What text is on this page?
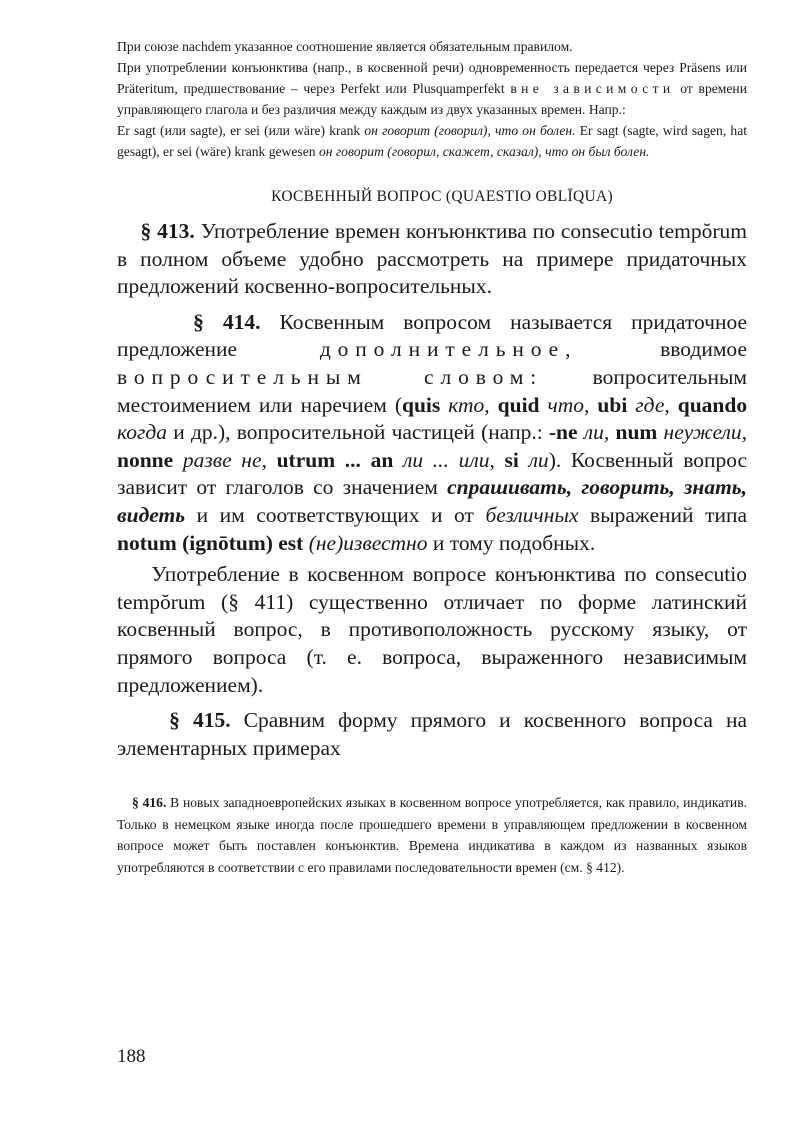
При союзе nachdem указанное соотношение является обязательным правилом.

При употреблении конъюнктива (напр., в косвенной речи) одновременность передается через Präsens или Präteritum, предшествование – через Perfekt или Plusquamperfekt вне зависимости от времени управляющего глагола и без различия между каждым из двух указанных времен. Напр.:

Er sagt (или sagte), er sei (или wäre) krank он говорит (говорил), что он болен. Er sagt (sagte, wird sagen, hat gesagt), er sei (wäre) krank gewesen он говорит (говорил, скажет, сказал), что он был болен.

КОСВЕННЫЙ ВОПРОС (QUAESTIO OBLĪQUA)

§ 413. Употребление времен конъюнктива по consecutio tempŏrum в полном объеме удобно рассмотреть на примере придаточных предложений косвенно-вопросительных.

§ 414. Косвенным вопросом называется придаточное предложение	дополнительное,	вводимое вопросительным словом: вопросительным местоимением или наречием (quis кто, quid что, ubi где, quando когда и др.), вопросительной частицей (напр.: -ne ли, num неужели, nonne разве не, utrum ... an ли ... или, si ли). Косвенный вопрос зависит от глаголов со значением спрашивать, говорить, знать, видеть и им соответствующих и от безличных выражений типа notum (ignōtum) est (не)известно и тому подобных.

Употребление в косвенном вопросе конъюнктива по consecutio tempŏrum (§ 411) существенно отличает по форме латинский косвенный вопрос, в противоположность русскому языку, от прямого вопроса (т. е. вопроса, выраженного независимым предложением).

§ 415. Сравним форму прямого и косвенного вопроса на элементарных примерах

§ 416. В новых западноевропейских языках в косвенном вопросе употребляется, как правило, индикатив. Только в немецком языке иногда после прошедшего времени в управляющем предложении в косвенном вопросе может быть поставлен конъюнктив. Времена индикатива в каждом из названных языков употребляются в соответствии с его правилами последовательности времен (см. § 412).

188
